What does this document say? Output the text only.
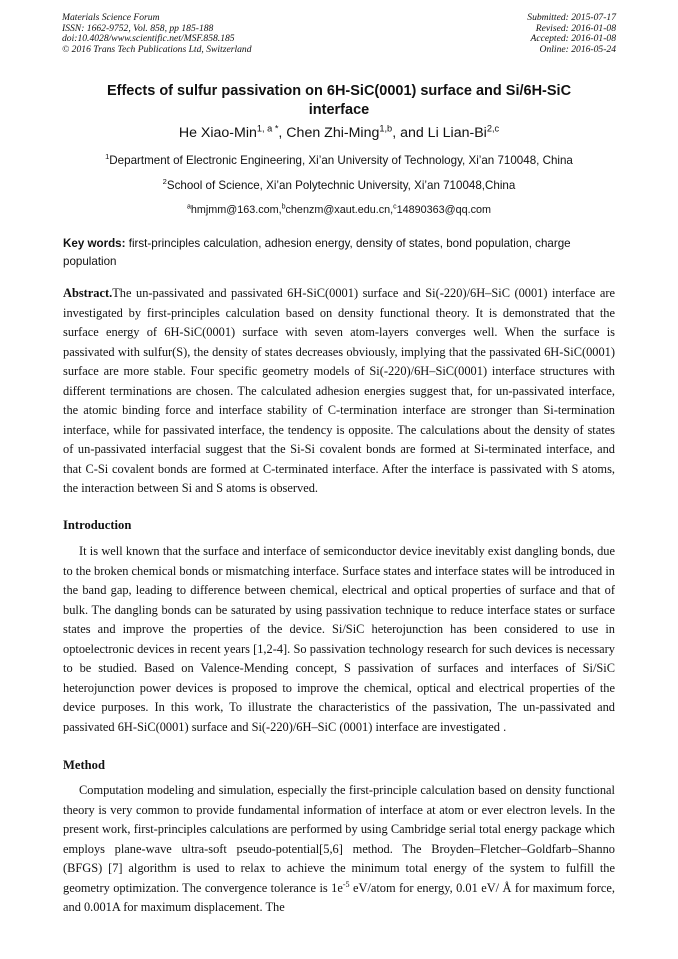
Materials Science Forum
ISSN: 1662-9752, Vol. 858, pp 185-188
doi:10.4028/www.scientific.net/MSF.858.185
© 2016 Trans Tech Publications Ltd, Switzerland
Submitted: 2015-07-17
Revised: 2016-01-08
Accepted: 2016-01-08
Online: 2016-05-24
Effects of sulfur passivation on 6H-SiC(0001) surface and Si/6H-SiC interface
He Xiao-Min$^{1, a *}$, Chen Zhi-Ming$^{1,b}$, and Li Lian-Bi$^{2,c}$
$^1$Department of Electronic Engineering, Xi’an University of Technology, Xi’an 710048, China
$^2$School of Science, Xi’an Polytechnic University, Xi’an 710048,China
$^a$hmjmm@163.com,$^b$chenzm@xaut.edu.cn,$^c$14890363@qq.com
Key words: first-principles calculation, adhesion energy, density of states, bond population, charge population
Abstract.The un-passivated and passivated 6H-SiC(0001) surface and Si(-220)/6H–SiC (0001) interface are investigated by first-principles calculation based on density functional theory. It is demonstrated that the surface energy of 6H-SiC(0001) surface with seven atom-layers converges well. When the surface is passivated with sulfur(S), the density of states decreases obviously, implying that the passivated 6H-SiC(0001) surface are more stable. Four specific geometry models of Si(-220)/6H–SiC(0001) interface structures with different terminations are chosen. The calculated adhesion energies suggest that, for un-passivated interface, the atomic binding force and interface stability of C-termination interface are stronger than Si-termination interface, while for passivated interface, the tendency is opposite. The calculations about the density of states of un-passivated interfacial suggest that the Si-Si covalent bonds are formed at Si-terminated interface, and that C-Si covalent bonds are formed at C-terminated interface. After the interface is passivated with S atoms, the interaction between Si and S atoms is observed.
Introduction
It is well known that the surface and interface of semiconductor device inevitably exist dangling bonds, due to the broken chemical bonds or mismatching interface. Surface states and interface states will be introduced in the band gap, leading to difference between chemical, electrical and optical properties of surface and that of bulk. The dangling bonds can be saturated by using passivation technique to reduce interface states or surface states and improve the properties of the device. Si/SiC heterojunction has been considered to use in optoelectronic devices in recent years [1,2-4]. So passivation technology research for such devices is necessary to be studied. Based on Valence-Mending concept, S passivation of surfaces and interfaces of Si/SiC heterojunction power devices is proposed to improve the chemical, optical and electrical properties of the device purposes. In this work, To illustrate the characteristics of the passivation, The un-passivated and passivated 6H-SiC(0001) surface and Si(-220)/6H–SiC (0001) interface are investigated .
Method
Computation modeling and simulation, especially the first-principle calculation based on density functional theory is very common to provide fundamental information of interface at atom or ever electron levels. In the present work, first-principles calculations are performed by using Cambridge serial total energy package which employs plane-wave ultra-soft pseudo-potential[5,6] method. The Broyden–Fletcher–Goldfarb–Shanno (BFGS) [7] algorithm is used to relax to achieve the minimum total energy of the system to fulfill the geometry optimization. The convergence tolerance is $1e^{-5}$ eV/atom for energy, 0.01 eV/ Å for maximum force, and 0.001A for maximum displacement. The
